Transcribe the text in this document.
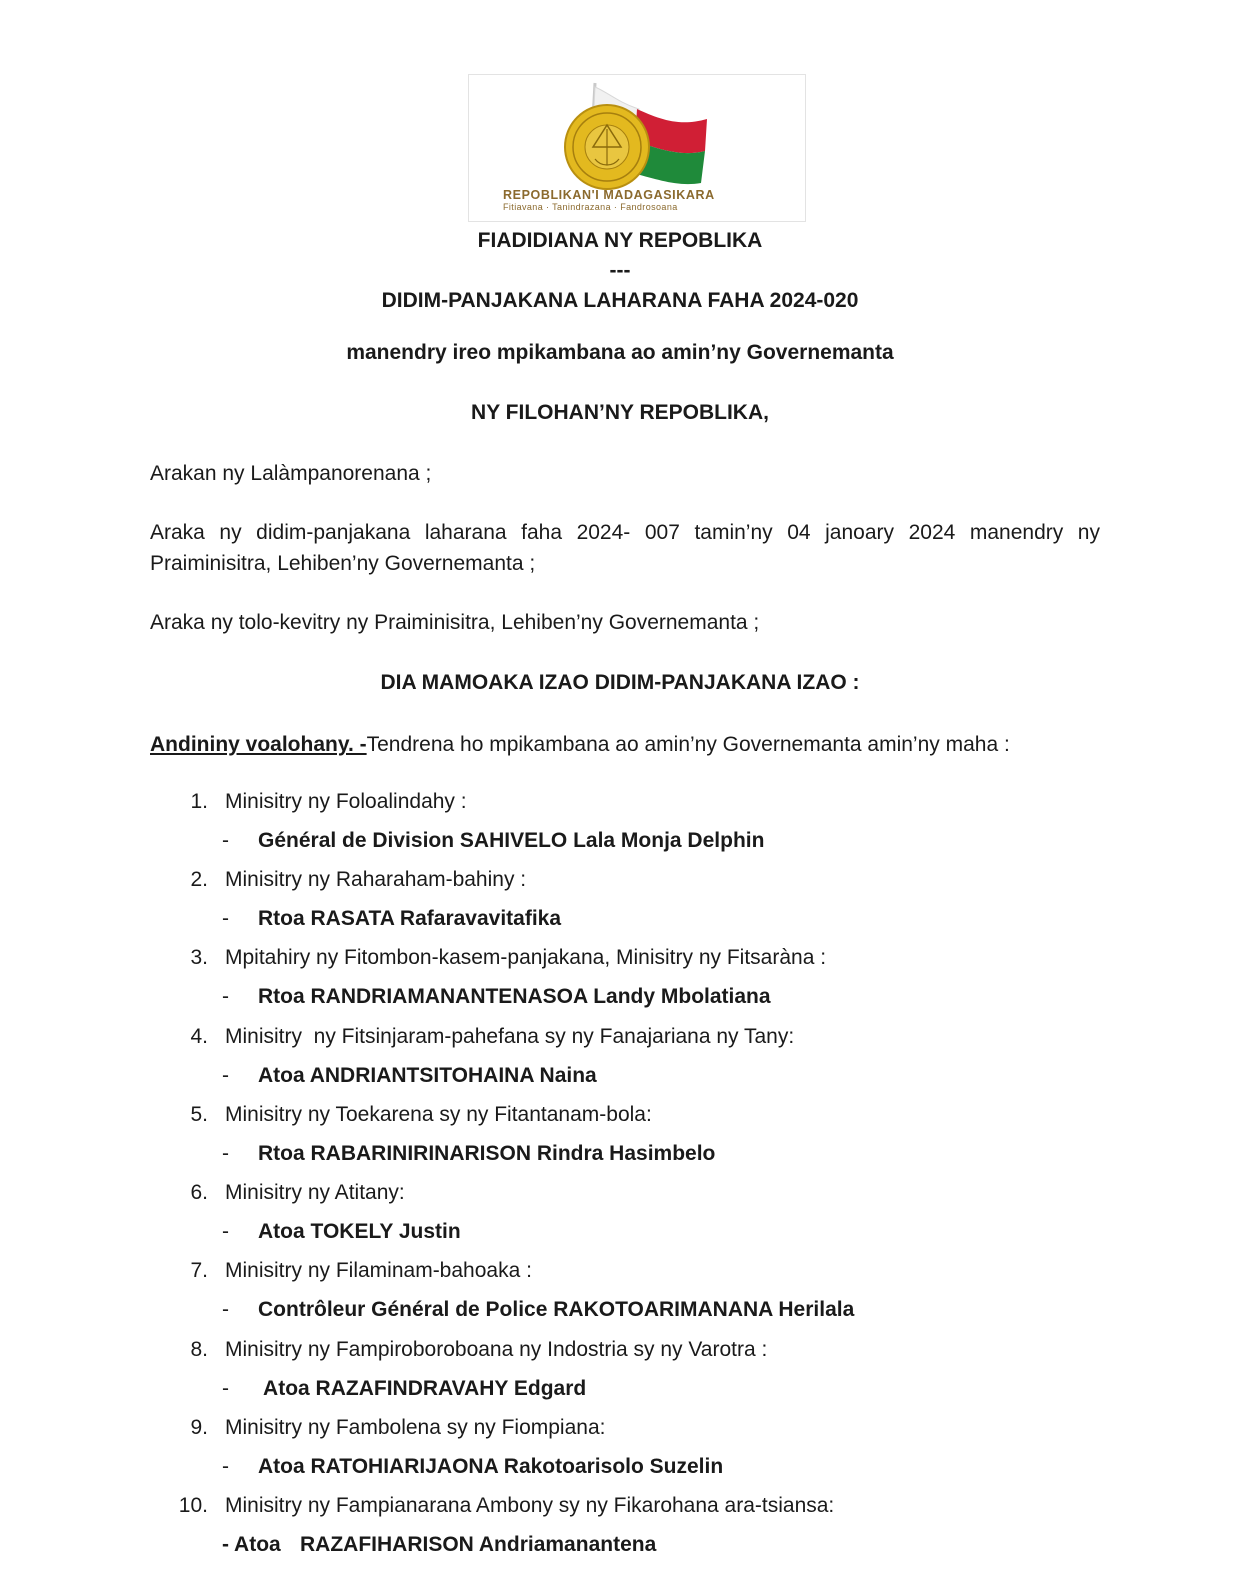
REPOBLIKAN'I MADAGASIKARA
Fitiavana · Tanindrazana · Fandrosoana
FIADIDIANA NY REPOBLIKA
---
DIDIM-PANJAKANA LAHARANA FAHA 2024-020
manendry ireo mpikambana ao amin’ny Governemanta
NY FILOHAN’NY REPOBLIKA,
Arakan ny Lalàmpanorenana ;
Araka ny didim-panjakana laharana faha 2024- 007 tamin’ny 04 janoary 2024 manendry ny Praiminisitra, Lehiben’ny Governemanta ;
Araka ny tolo-kevitry ny Praiminisitra, Lehiben’ny Governemanta ;
DIA MAMOAKA IZAO DIDIM-PANJAKANA IZAO :
Andininy voalohany. -Tendrena ho mpikambana ao amin’ny Governemanta amin’ny maha :
1. Minisitry ny Foloalindahy :
- Général de Division SAHIVELO Lala Monja Delphin
2. Minisitry ny Raharaham-bahiny :
- Rtoa RASATA Rafaravavitafika
3. Mpitahiry ny Fitombon-kasem-panjakana, Minisitry ny Fitsaràna :
- Rtoa RANDRIAMANANTENASOA Landy Mbolatiana
4. Minisitry  ny Fitsinjaram-pahefana sy ny Fanajariana ny Tany:
- Atoa ANDRIANTSITOHAINA Naina
5. Minisitry ny Toekarena sy ny Fitantanam-bola:
- Rtoa RABARINIRINARISON Rindra Hasimbelo
6. Minisitry ny Atitany:
- Atoa TOKELY Justin
7. Minisitry ny Filaminam-bahoaka :
- Contrôleur Général de Police RAKOTOARIMANANA Herilala
8. Minisitry ny Fampiroboroboana ny Indostria sy ny Varotra :
- Atoa RAZAFINDRAVAHY Edgard
9. Minisitry ny Fambolena sy ny Fiompiana:
- Atoa RATOHIARIJAONA Rakotoarisolo Suzelin
10. Minisitry ny Fampianarana Ambony sy ny Fikarohana ara-tsiansa:
- Atoa RAZAFIHARISON Andriamanantena
